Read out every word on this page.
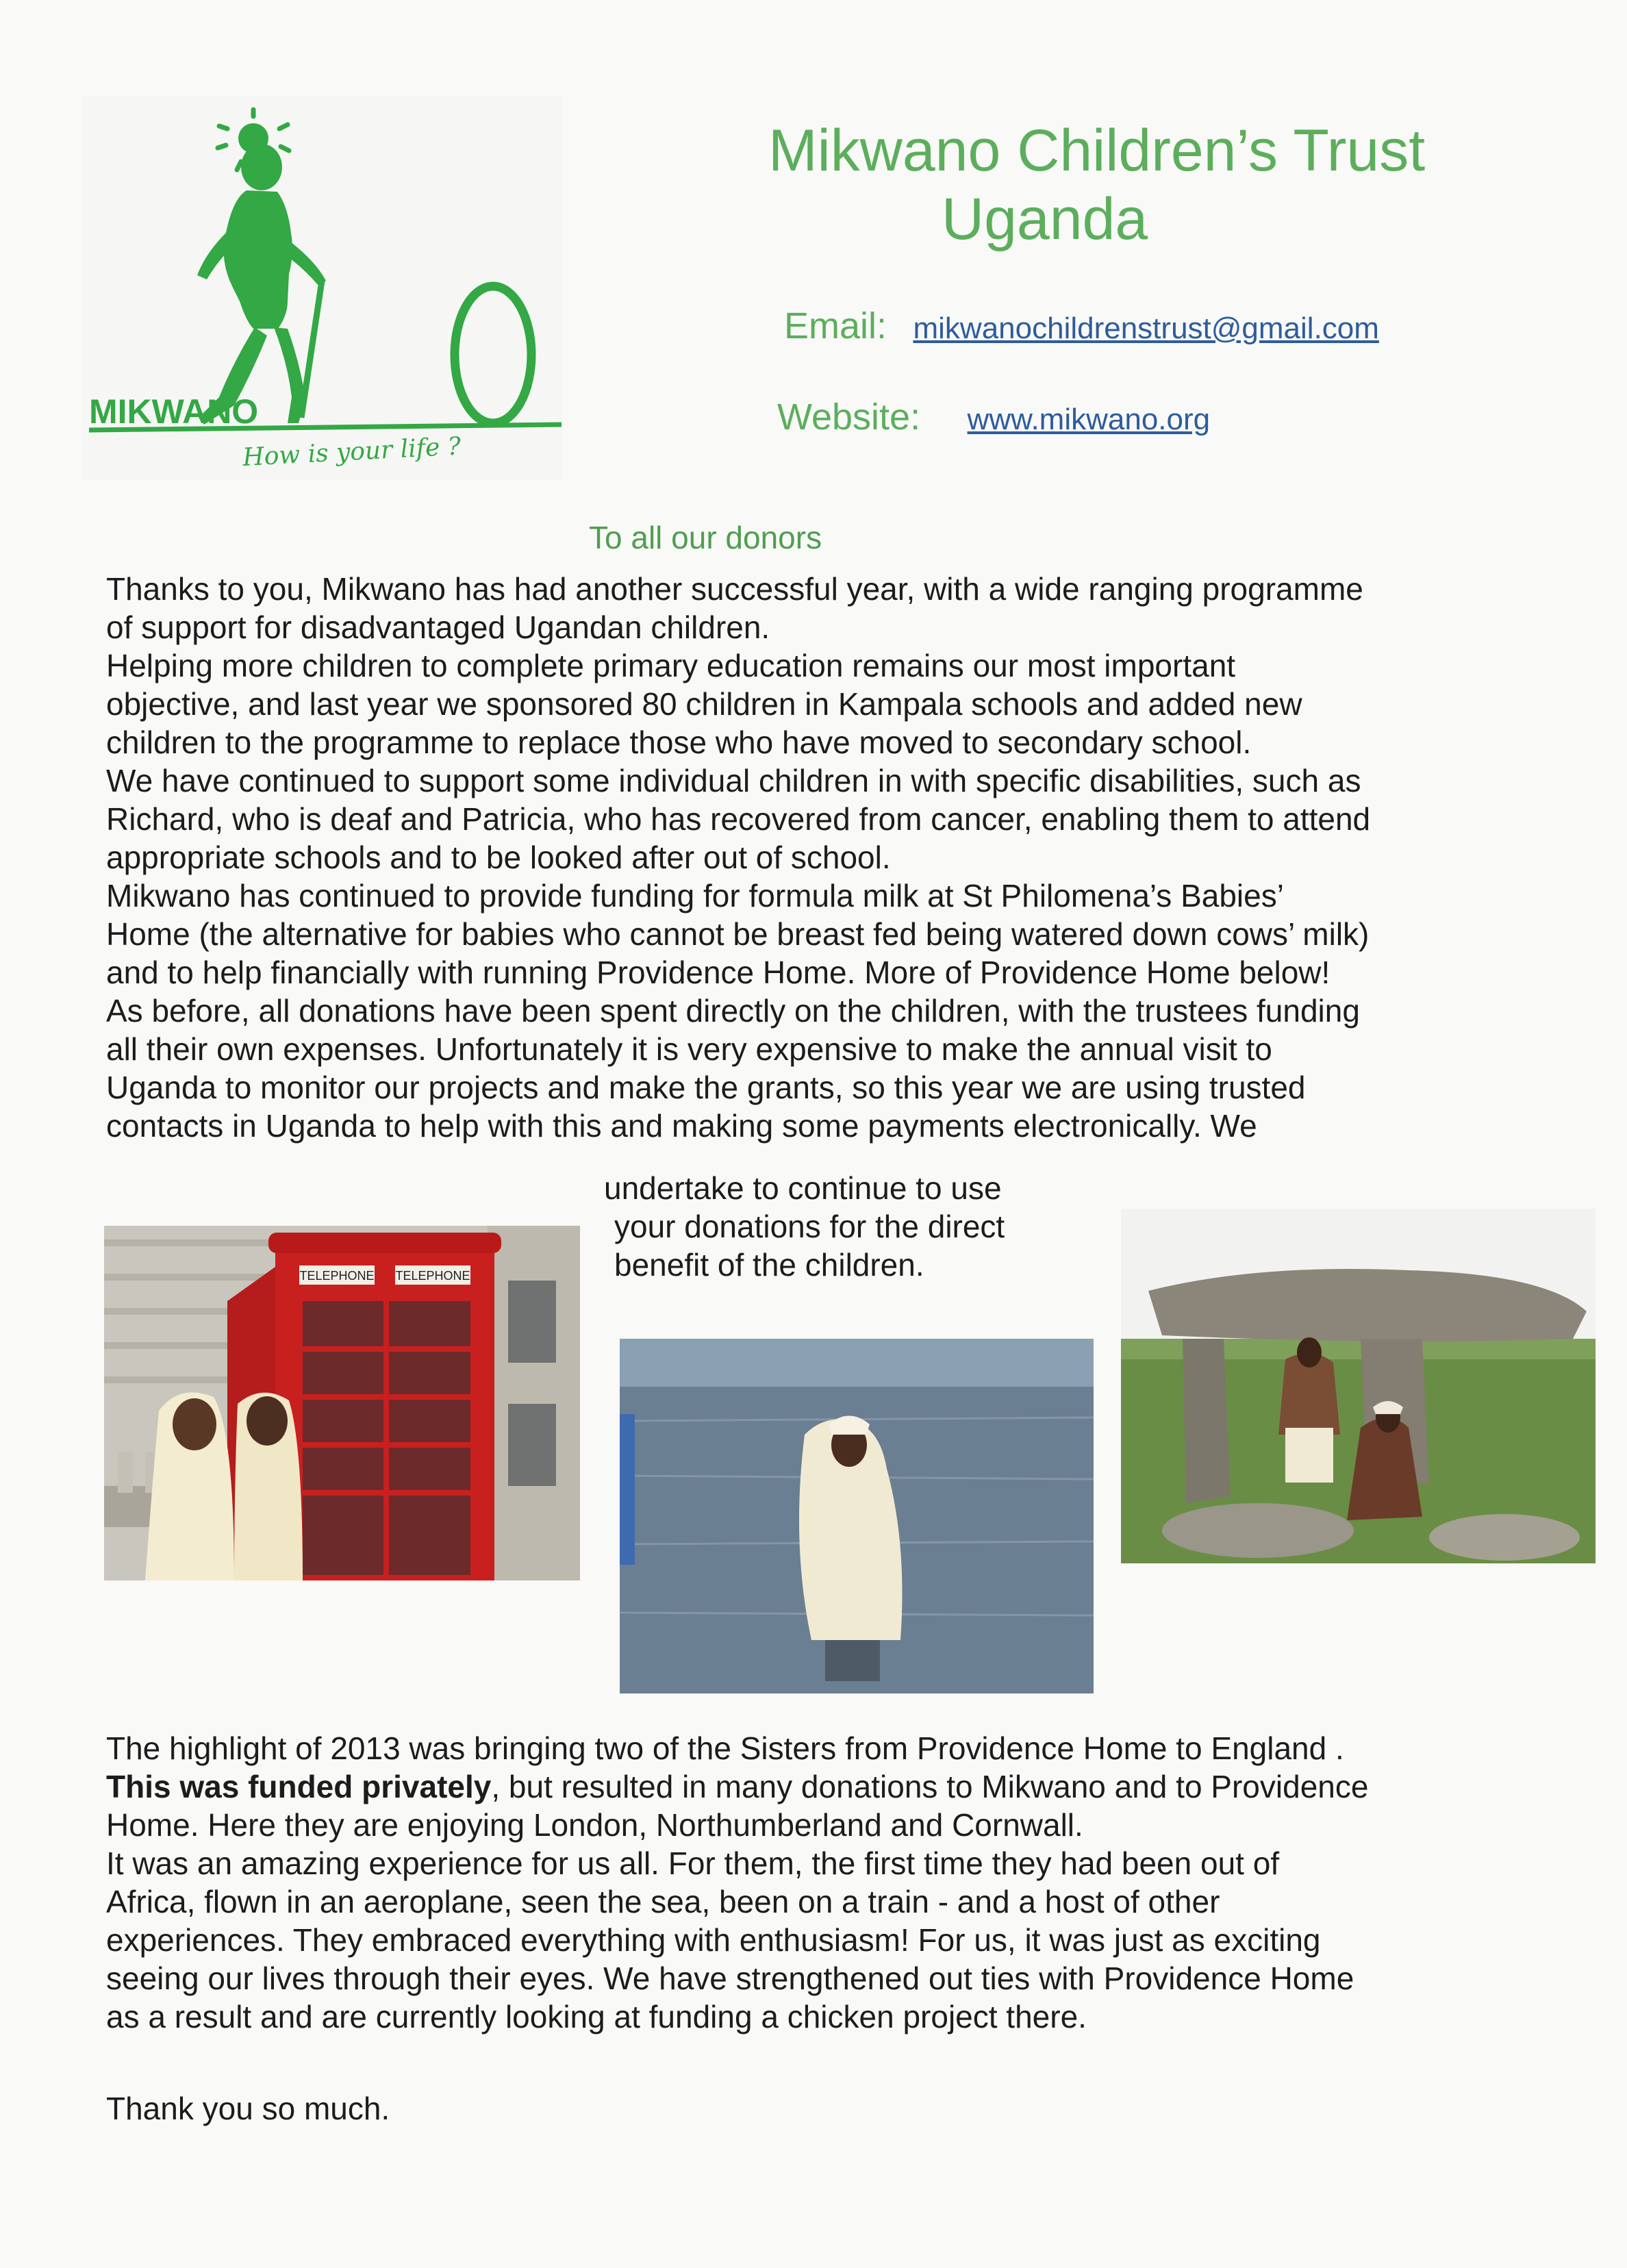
MIKWANO
How is your life ?
Mikwano Children’s Trust
Uganda
Email: mikwanochildrenstrust@gmail.com
Website: www.mikwano.org
To all our donors
Thanks to you, Mikwano has had another successful year, with a wide ranging programme
of support for disadvantaged Ugandan children.
Helping more children to complete primary education remains our most important
objective, and last year we sponsored 80 children in Kampala schools and added new
children to the programme to replace those who have moved to secondary school.
We have continued to support some individual children in with specific disabilities, such as
Richard, who is deaf and Patricia, who has recovered from cancer, enabling them to attend
appropriate schools and to be looked after out of school.
Mikwano has continued to provide funding for formula milk at St Philomena’s Babies’
Home (the alternative for babies who cannot be breast fed being watered down cows’ milk)
and to help financially with running Providence Home. More of Providence Home below!
As before, all donations have been spent directly on the children, with the trustees funding
all their own expenses. Unfortunately it is very expensive to make the annual visit to
Uganda to monitor our projects and make the grants, so this year we are using trusted
contacts in Uganda to help with this and making some payments electronically. We
undertake to continue to use
your donations for the direct
benefit of the children.
TELEPHONE TELEPHONE
The highlight of 2013 was bringing two of the Sisters from Providence Home to England .
This was funded privately, but resulted in many donations to Mikwano and to Providence
Home. Here they are enjoying London, Northumberland and Cornwall.
It was an amazing experience for us all. For them, the first time they had been out of
Africa, flown in an aeroplane, seen the sea, been on a train - and a host of other
experiences. They embraced everything with enthusiasm! For us, it was just as exciting
seeing our lives through their eyes. We have strengthened out ties with Providence Home
as a result and are currently looking at funding a chicken project there.
Thank you so much.
